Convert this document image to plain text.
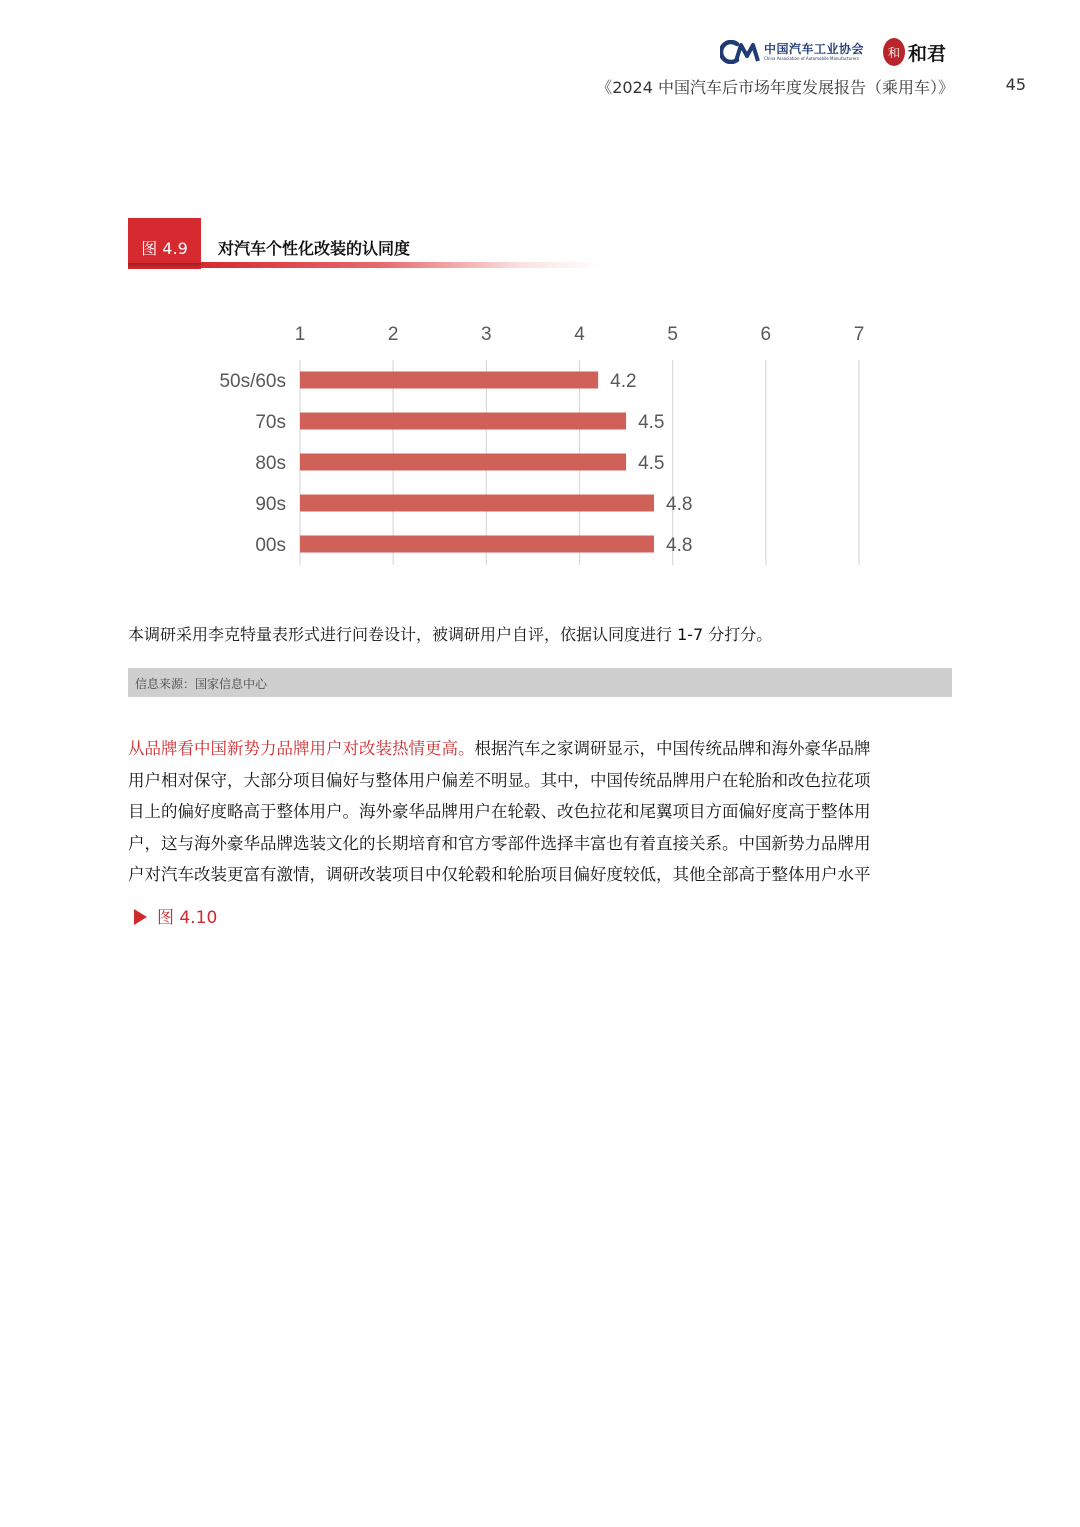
中国汽车工业协会
China Association of Automobile Manufacturers 和 和君
《2024 中国汽车后市场年度发展报告（乘用车）》	45
图 4.9	对汽车个性化改装的认同度
1	2	3	4	5	6	7
50s/60s	4.2
70s	4.5
80s	4.5
90s	4.8
00s	4.8
本调研采用李克特量表形式进行问卷设计，被调研用户自评，依据认同度进行 1-7 分打分。
信息来源：国家信息中心

从品牌看中国新势力品牌用户对改装热情更高。根据汽车之家调研显示，中国传统品牌和海外豪华品牌

用户相对保守，大部分项目偏好与整体用户偏差不明显。其中，中国传统品牌用户在轮胎和改色拉花项

目上的偏好度略高于整体用户。海外豪华品牌用户在轮毂、改色拉花和尾翼项目方面偏好度高于整体用

户，这与海外豪华品牌选装文化的长期培育和官方零部件选择丰富也有着直接关系。中国新势力品牌用

户对汽车改装更富有激情，调研改装项目中仅轮毂和轮胎项目偏好度较低，其他全部高于整体用户水平

图 4.10
